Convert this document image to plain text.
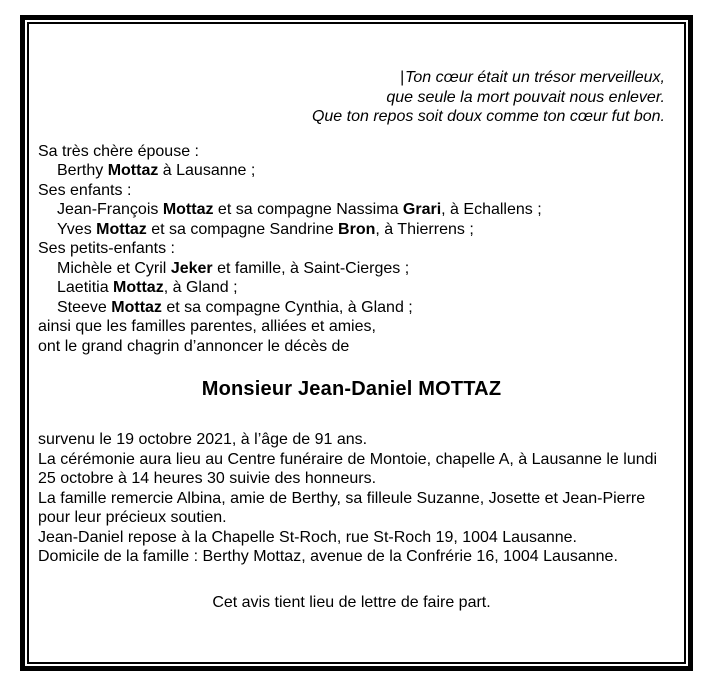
|Ton cœur était un trésor merveilleux,
que seule la mort pouvait nous enlever.
Que ton repos soit doux comme ton cœur fut bon.
Sa très chère épouse :
Berthy Mottaz à Lausanne ;
Ses enfants :
Jean-François Mottaz et sa compagne Nassima Grari, à Echallens ;
Yves Mottaz et sa compagne Sandrine Bron, à Thierrens ;
Ses petits-enfants :
Michèle et Cyril Jeker et famille, à Saint-Cierges ;
Laetitia Mottaz, à Gland ;
Steeve Mottaz et sa compagne Cynthia, à Gland ;
ainsi que les familles parentes, alliées et amies,
ont le grand chagrin d’annoncer le décès de
Monsieur Jean-Daniel MOTTAZ
survenu le 19 octobre 2021, à l’âge de 91 ans.
La cérémonie aura lieu au Centre funéraire de Montoie, chapelle A, à Lausanne le lundi
25 octobre à 14 heures 30 suivie des honneurs.
La famille remercie Albina, amie de Berthy, sa filleule Suzanne, Josette et Jean-Pierre
pour leur précieux soutien.
Jean-Daniel repose à la Chapelle St-Roch, rue St-Roch 19, 1004 Lausanne.
Domicile de la famille : Berthy Mottaz, avenue de la Confrérie 16, 1004 Lausanne.
Cet avis tient lieu de lettre de faire part.
